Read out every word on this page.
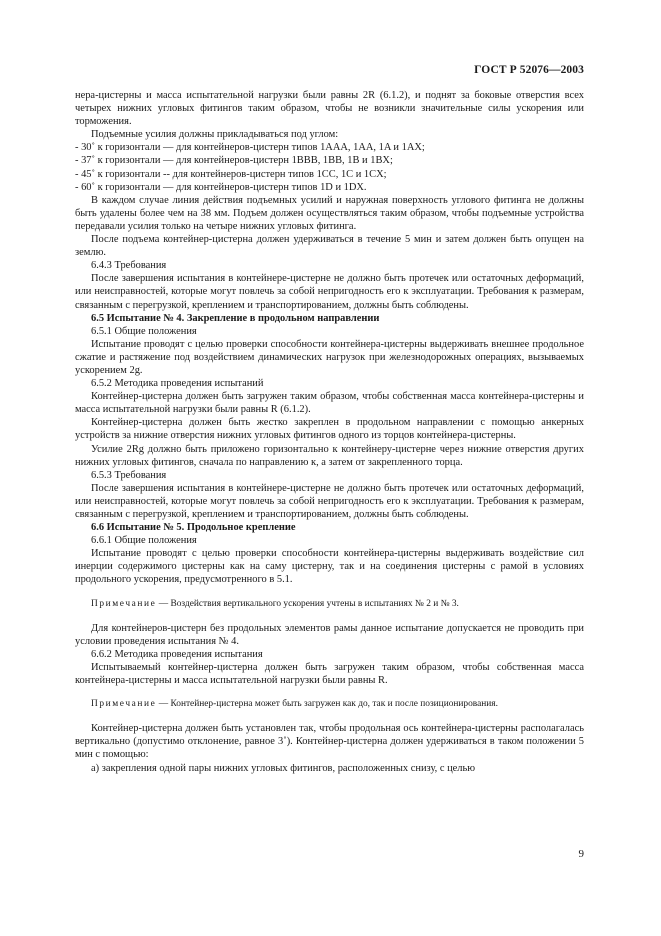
ГОСТ Р 52076—2003

нера-цистерны и масса испытательной нагрузки были равны 2R (6.1.2), и поднят за боковые отверстия всех четырех нижних угловых фитингов таким образом, чтобы не возникли значительные силы ускорения или торможения.

Подъемные усилия должны прикладываться под углом:

- 30˚ к горизонтали — для контейнеров-цистерн типов 1AAA, 1AA, 1A и 1AX;

- 37˚ к горизонтали — для контейнеров-цистерн 1BBB, 1BB, 1B и 1BX;

- 45˚ к горизонтали -- для контейнеров-цистерн типов 1CC, 1C и 1CX;

- 60˚ к горизонтали — для контейнеров-цистерн типов 1D и 1DX.

В каждом случае линия действия подъемных усилий и наружная поверхность углового фитинга не должны быть удалены более чем на 38 мм. Подъем должен осуществляться таким образом, чтобы подъемные устройства передавали усилия только на четыре нижних угловых фитинга.

После подъема контейнер-цистерна должен удерживаться в течение 5 мин и затем должен быть опущен на землю.

6.4.3 Требования

После завершения испытания в контейнере-цистерне не должно быть протечек или остаточных деформаций, или неисправностей, которые могут повлечь за собой непригодность его к эксплуатации. Требования к размерам, связанным с перегрузкой, креплением и транспортированием, должны быть соблюдены.

6.5 Испытание № 4. Закрепление в продольном направлении

6.5.1 Общие положения

Испытание проводят с целью проверки способности контейнера-цистерны выдерживать внешнее продольное сжатие и растяжение под воздействием динамических нагрузок при железнодорожных операциях, вызываемых ускорением 2g.

6.5.2 Методика проведения испытаний

Контейнер-цистерна должен быть загружен таким образом, чтобы собственная масса контейнера-цистерны и масса испытательной нагрузки были равны R (6.1.2).

Контейнер-цистерна должен быть жестко закреплен в продольном направлении с помощью анкерных устройств за нижние отверстия нижних угловых фитингов одного из торцов контейнера-цистерны.

Усилие 2Rg должно быть приложено горизонтально к контейнеру-цистерне через нижние отверстия других нижних угловых фитингов, сначала по направлению к, а затем от закрепленного торца.

6.5.3 Требования

После завершения испытания в контейнере-цистерне не должно быть протечек или остаточных деформаций, или неисправностей, которые могут повлечь за собой непригодность его к эксплуатации. Требования к размерам, связанным с перегрузкой, креплением и транспортированием, должны быть соблюдены.

6.6 Испытание № 5. Продольное крепление

6.6.1 Общие положения

Испытание проводят с целью проверки способности контейнера-цистерны выдерживать воздействие сил инерции содержимого цистерны как на саму цистерну, так и на соединения цистерны с рамой в условиях продольного ускорения, предусмотренного в 5.1.

Примечание — Воздействия вертикального ускорения учтены в испытаниях № 2 и № 3.

Для контейнеров-цистерн без продольных элементов рамы данное испытание допускается не проводить при условии проведения испытания № 4.

6.6.2 Методика проведения испытания

Испытываемый контейнер-цистерна должен быть загружен таким образом, чтобы собственная масса контейнера-цистерны и масса испытательной нагрузки были равны R.

Примечание — Контейнер-цистерна может быть загружен как до, так и после позиционирования.

Контейнер-цистерна должен быть установлен так, чтобы продольная ось контейнера-цистерны располагалась вертикально (допустимо отклонение, равное 3˚). Контейнер-цистерна должен удерживаться в таком положении 5 мин с помощью:

а) закрепления одной пары нижних угловых фитингов, расположенных снизу, с целью

9
